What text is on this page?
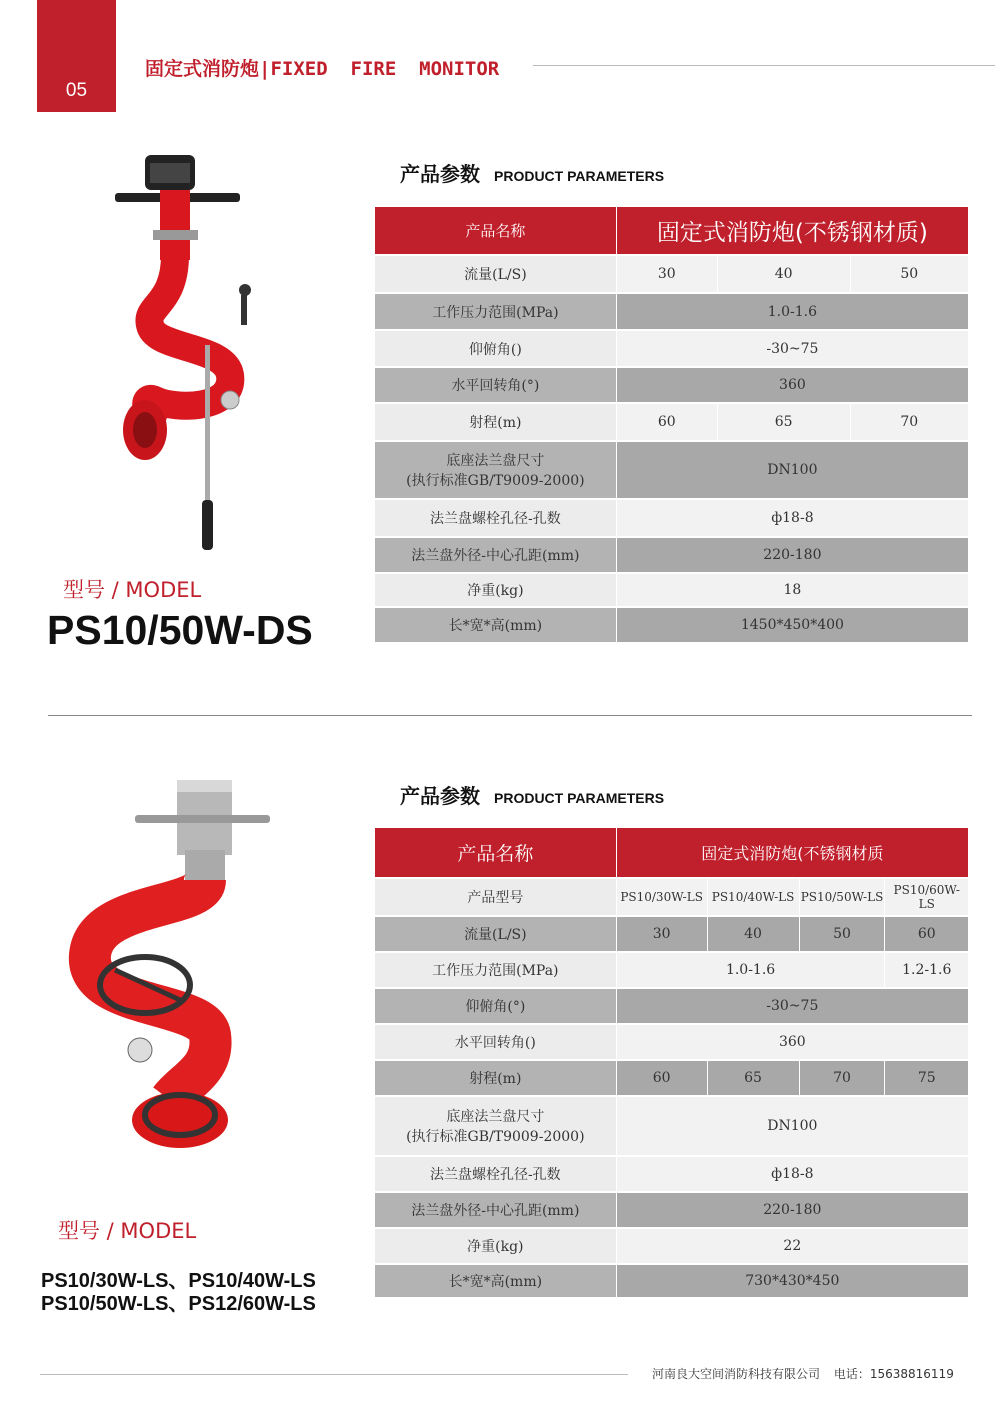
05
固定式消防炮|FIXED  FIRE  MONITOR
产品参数 PRODUCT PARAMETERS
产品名称	固定式消防炮(不锈钢材质)		
流量(L/S)	30	40	50
工作压力范围(MPa)	1.0-1.6		
仰俯角()	-30~75		
水平回转角(°)	360		
射程(m)	60	65	70

底座法兰盘尺寸
(执行标准GB/T9009-2000)	DN100		
法兰盘螺栓孔径-孔数	ф18-8		
法兰盘外径-中心孔距(mm)	220-180		
净重(kg)	18		
长*宽*高(mm)	1450*450*400		
型号 / MODEL
PS10/50W-DS
产品参数 PRODUCT PARAMETERS
产品名称	固定式消防炮(不锈钢材质			
产品型号	PS10/30W-LS	PS10/40W-LS	PS10/50W-LS	PS10/60W-LS
流量(L/S)	30	40	50	60
工作压力范围(MPa)	1.0-1.6			1.2-1.6
仰俯角(°)	-30~75			
水平回转角()	360			
射程(m)	60	65	70	75

底座法兰盘尺寸
(执行标准GB/T9009-2000)	DN100			
法兰盘螺栓孔径-孔数	ф18-8			
法兰盘外径-中心孔距(mm)	220-180			
净重(kg)	22			
长*宽*高(mm)	730*430*450			
型号 / MODEL
PS10/30W-LS、PS10/40W-LS
PS10/50W-LS、PS12/60W-LS
河南良大空间消防科技有限公司 电话：15638816119
